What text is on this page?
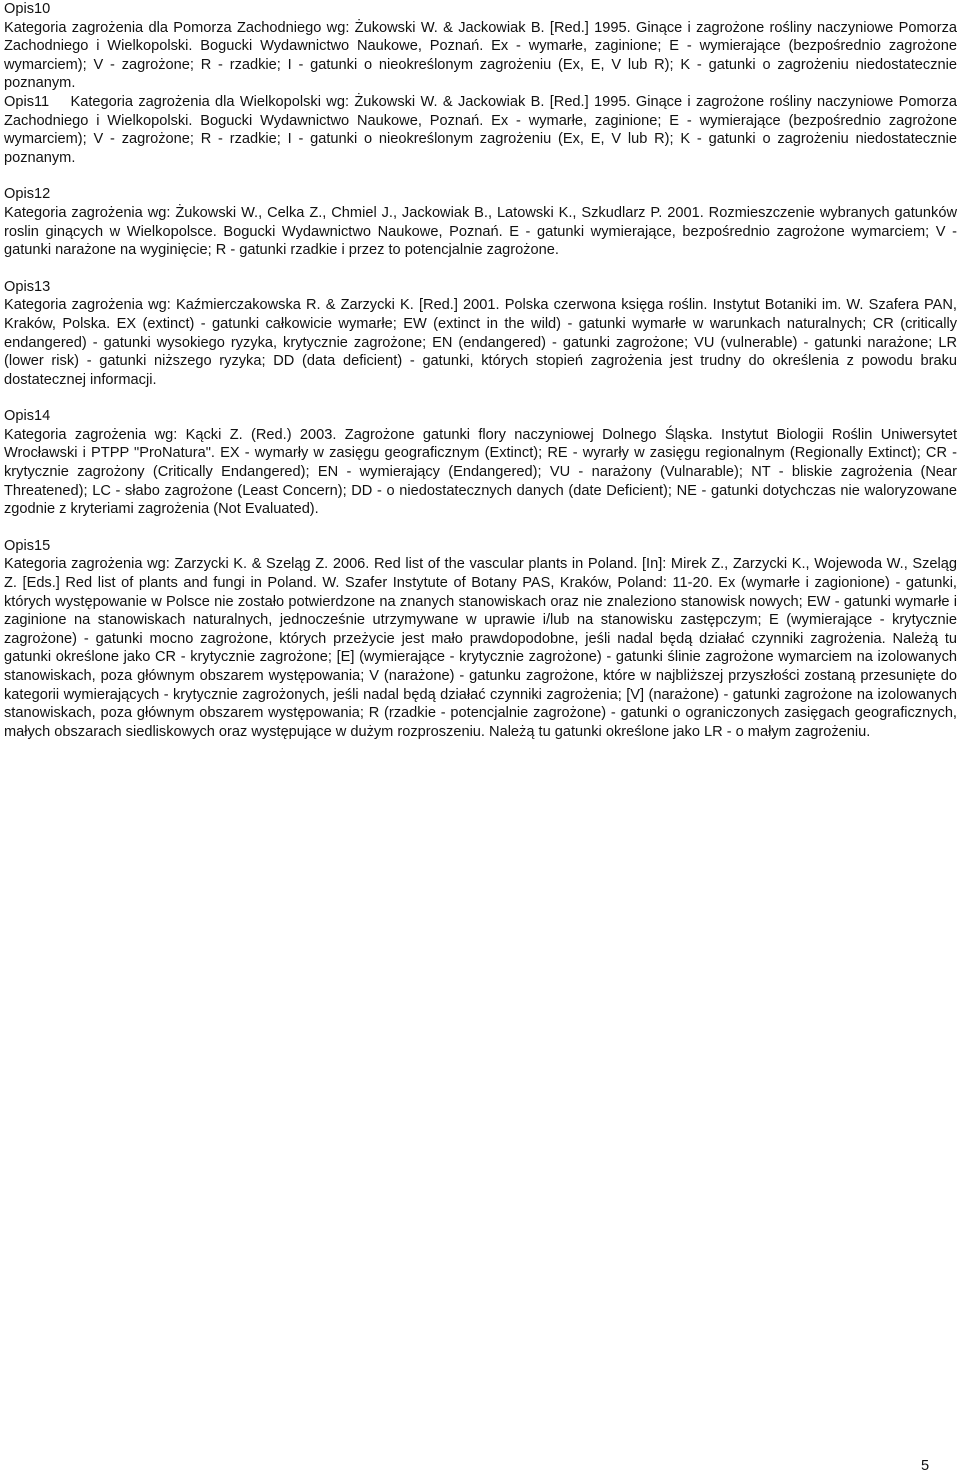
Opis10

Kategoria zagrożenia dla Pomorza Zachodniego wg: Żukowski W. & Jackowiak B. [Red.] 1995. Ginące i zagrożone rośliny naczyniowe Pomorza Zachodniego i Wielkopolski. Bogucki Wydawnictwo Naukowe, Poznań. Ex - wymarłe, zaginione; E - wymierające (bezpośrednio zagrożone wymarciem); V - zagrożone; R - rzadkie; I - gatunki o nieokreślonym zagrożeniu (Ex, E, V lub R); K - gatunki o zagrożeniu niedostatecznie poznanym.

Opis11 Kategoria zagrożenia dla Wielkopolski wg: Żukowski W. & Jackowiak B. [Red.] 1995. Ginące i zagrożone rośliny naczyniowe Pomorza Zachodniego i Wielkopolski. Bogucki Wydawnictwo Naukowe, Poznań. Ex - wymarłe, zaginione; E - wymierające (bezpośrednio zagrożone wymarciem); V - zagrożone; R - rzadkie; I - gatunki o nieokreślonym zagrożeniu (Ex, E, V lub R); K - gatunki o zagrożeniu niedostatecznie poznanym.

Opis12

Kategoria zagrożenia wg: Żukowski W., Celka Z., Chmiel J., Jackowiak B., Latowski K., Szkudlarz P. 2001. Rozmieszczenie wybranych gatunków roslin ginących w Wielkopolsce. Bogucki Wydawnictwo Naukowe, Poznań. E - gatunki wymierające, bezpośrednio zagrożone wymarciem; V - gatunki narażone na wyginięcie; R - gatunki rzadkie i przez to potencjalnie zagrożone.

Opis13

Kategoria zagrożenia wg: Kaźmierczakowska R. & Zarzycki K. [Red.] 2001. Polska czerwona księga roślin. Instytut Botaniki im. W. Szafera PAN, Kraków, Polska. EX (extinct) - gatunki całkowicie wymarłe; EW (extinct in the wild) - gatunki wymarłe w warunkach naturalnych; CR (critically endangered) - gatunki wysokiego ryzyka, krytycznie zagrożone; EN (endangered) - gatunki zagrożone; VU (vulnerable) - gatunki narażone; LR (lower risk) - gatunki niższego ryzyka; DD (data deficient) - gatunki, których stopień zagrożenia jest trudny do określenia z powodu braku dostatecznej informacji.

Opis14

Kategoria zagrożenia wg: Kącki Z. (Red.) 2003. Zagrożone gatunki flory naczyniowej Dolnego Śląska. Instytut Biologii Roślin Uniwersytet Wrocławski i PTPP "ProNatura". EX - wymarły w zasięgu geograficznym (Extinct); RE - wyrarły w zasięgu regionalnym (Regionally Extinct); CR - krytycznie zagrożony (Critically Endangered); EN - wymierający (Endangered); VU - narażony (Vulnarable); NT - bliskie zagrożenia (Near Threatened); LC - słabo zagrożone (Least Concern); DD - o niedostatecznych danych (date Deficient); NE - gatunki dotychczas nie waloryzowane zgodnie z kryteriami zagrożenia (Not Evaluated).

Opis15

Kategoria zagrożenia wg: Zarzycki K. & Szeląg Z. 2006. Red list of the vascular plants in Poland. [In]: Mirek Z., Zarzycki K., Wojewoda W., Szeląg Z. [Eds.] Red list of plants and fungi in Poland. W. Szafer Instytute of Botany PAS, Kraków, Poland: 11-20. Ex (wymarłe i zagionione) - gatunki, których występowanie w Polsce nie zostało potwierdzone na znanych stanowiskach oraz nie znaleziono stanowisk nowych; EW - gatunki wymarłe i zaginione na stanowiskach naturalnych, jednocześnie utrzymywane w uprawie i/lub na stanowisku zastępczym; E (wymierające - krytycznie zagrożone) - gatunki mocno zagrożone, których przeżycie jest mało prawdopodobne, jeśli nadal będą działać czynniki zagrożenia. Należą tu gatunki określone jako CR - krytycznie zagrożone; [E] (wymierające - krytycznie zagrożone) - gatunki ślinie zagrożone wymarciem na izolowanych stanowiskach, poza głównym obszarem występowania; V (narażone) - gatunku zagrożone, które w najbliższej przyszłości zostaną przesunięte do kategorii wymierających - krytycznie zagrożonych, jeśli nadal będą działać czynniki zagrożenia; [V] (narażone) - gatunki zagrożone na izolowanych stanowiskach, poza głównym obszarem występowania; R (rzadkie - potencjalnie zagrożone) - gatunki o ograniczonych zasięgach geograficznych, małych obszarach siedliskowych oraz występujące w dużym rozproszeniu. Należą tu gatunki określone jako LR - o małym zagrożeniu.

5
